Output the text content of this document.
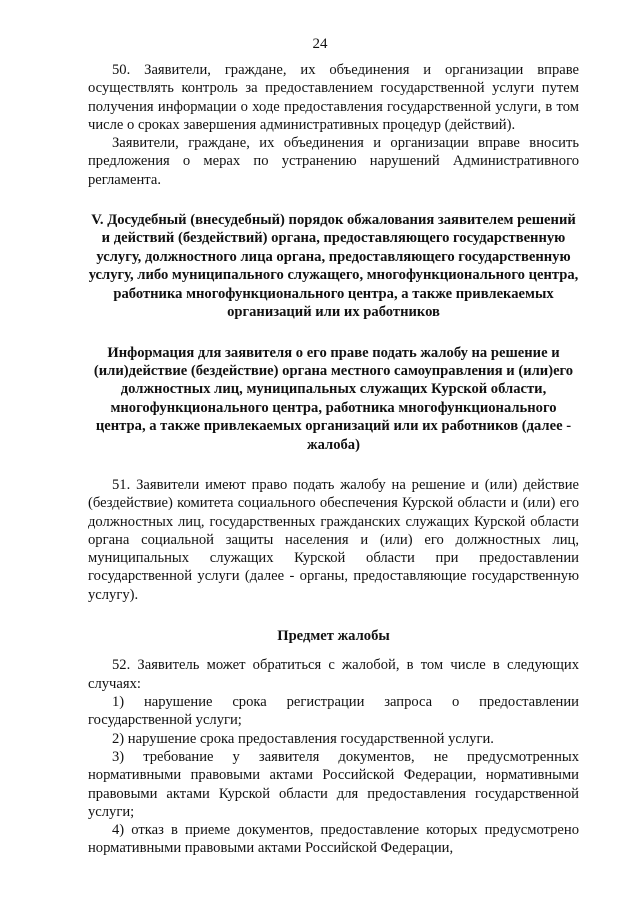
24

50. Заявители, граждане, их объединения и организации вправе осуществлять контроль за предоставлением государственной услуги путем получения информации о ходе предоставления государственной услуги, в том числе о сроках завершения административных процедур (действий).

Заявители, граждане, их объединения и организации вправе вносить предложения о мерах по устранению нарушений Административного регламента.

V. Досудебный (внесудебный) порядок обжалования заявителем решений и действий (бездействий) органа, предоставляющего государственную услугу, должностного лица органа, предоставляющего государственную услугу, либо муниципального служащего, многофункционального центра, работника многофункционального центра, а также привлекаемых организаций или их работников

Информация для заявителя о его праве подать жалобу на решение и (или)действие (бездействие) органа местного самоуправления и (или)его должностных лиц, муниципальных служащих Курской области, многофункционального центра, работника многофункционального центра, а также привлекаемых организаций или их работников (далее - жалоба)

51. Заявители имеют право подать жалобу на решение и (или) действие (бездействие) комитета социального обеспечения Курской области и (или) его должностных лиц, государственных гражданских служащих Курской области органа социальной защиты населения и (или) его должностных лиц, муниципальных служащих Курской области при предоставлении государственной услуги (далее - органы, предоставляющие государственную услугу).

Предмет жалобы

52. Заявитель может обратиться с жалобой, в том числе в следующих случаях:

1) нарушение срока регистрации запроса о предоставлении государственной услуги;

2) нарушение срока предоставления государственной услуги.

3) требование у заявителя документов, не предусмотренных нормативными правовыми актами Российской Федерации, нормативными правовыми актами Курской области для предоставления государственной услуги;

4) отказ в приеме документов, предоставление которых предусмотрено нормативными правовыми актами Российской Федерации,
